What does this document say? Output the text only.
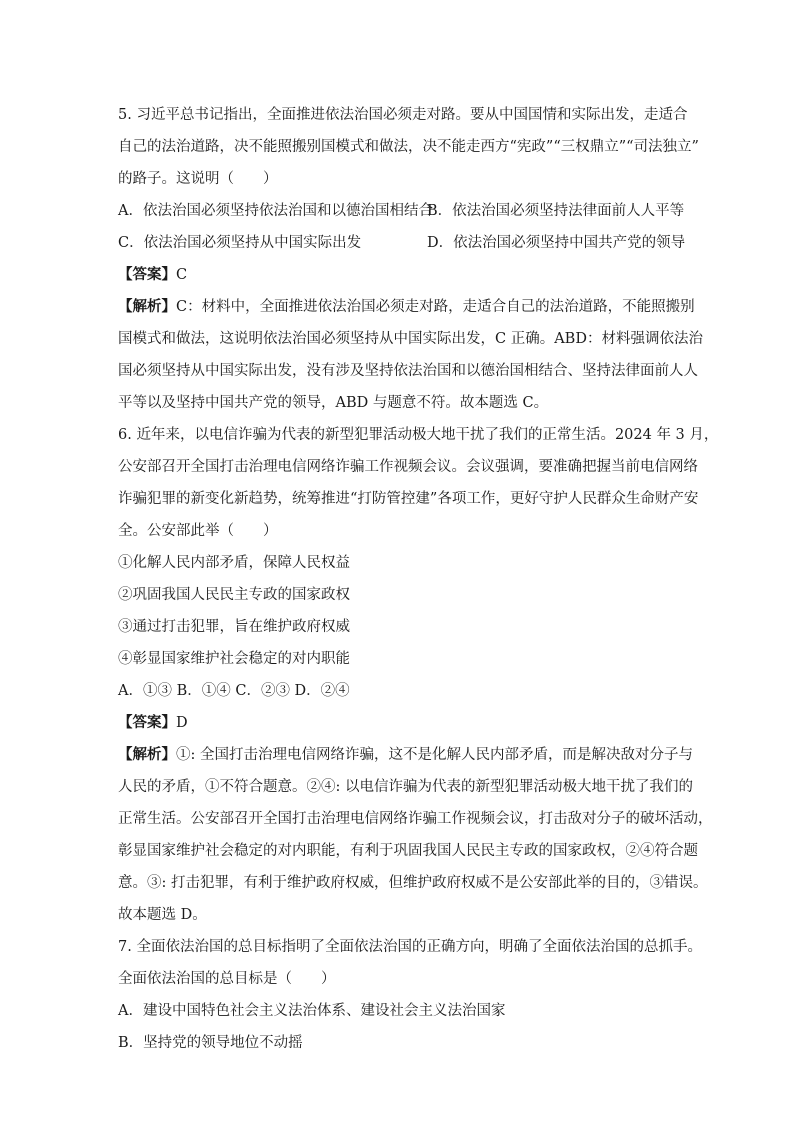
5. 习近平总书记指出，全面推进依法治国必须走对路。要从中国国情和实际出发，走适合
自己的法治道路，决不能照搬别国模式和做法，决不能走西方“宪政”“三权鼎立”“司法独立”
的路子。这说明（　　）
A．依法治国必须坚持依法治国和以德治国相结合
B．依法治国必须坚持法律面前人人平等
C．依法治国必须坚持从中国实际出发	D．依法治国必须坚持中国共产党的领导
【答案】C
【解析】C：材料中，全面推进依法治国必须走对路，走适合自己的法治道路，不能照搬别
国模式和做法，这说明依法治国必须坚持从中国实际出发，C 正确。ABD：材料强调依法治
国必须坚持从中国实际出发，没有涉及坚持依法治国和以德治国相结合、坚持法律面前人人
平等以及坚持中国共产党的领导，ABD 与题意不符。故本题选 C。
6. 近年来，以电信诈骗为代表的新型犯罪活动极大地干扰了我们的正常生活。2024 年 3 月，
公安部召开全国打击治理电信网络诈骗工作视频会议。会议强调，要准确把握当前电信网络
诈骗犯罪的新变化新趋势，统筹推进“打防管控建”各项工作，更好守护人民群众生命财产安
全。公安部此举（　　）
①化解人民内部矛盾，保障人民权益
②巩固我国人民民主专政的国家政权
③通过打击犯罪，旨在维护政府权威
④彰显国家维护社会稳定的对内职能
A．①③ B．①④ C．②③ D．②④
【答案】D
【解析】①: 全国打击治理电信网络诈骗，这不是化解人民内部矛盾，而是解决敌对分子与
人民的矛盾，①不符合题意。②④: 以电信诈骗为代表的新型犯罪活动极大地干扰了我们的
正常生活。公安部召开全国打击治理电信网络诈骗工作视频会议，打击敌对分子的破坏活动，
彰显国家维护社会稳定的对内职能，有利于巩固我国人民民主专政的国家政权，②④符合题
意。③: 打击犯罪，有利于维护政府权威，但维护政府权威不是公安部此举的目的，③错误。
故本题选 D。
7. 全面依法治国的总目标指明了全面依法治国的正确方向，明确了全面依法治国的总抓手。
全面依法治国的总目标是（　　）
A．建设中国特色社会主义法治体系、建设社会主义法治国家
B．坚持党的领导地位不动摇
